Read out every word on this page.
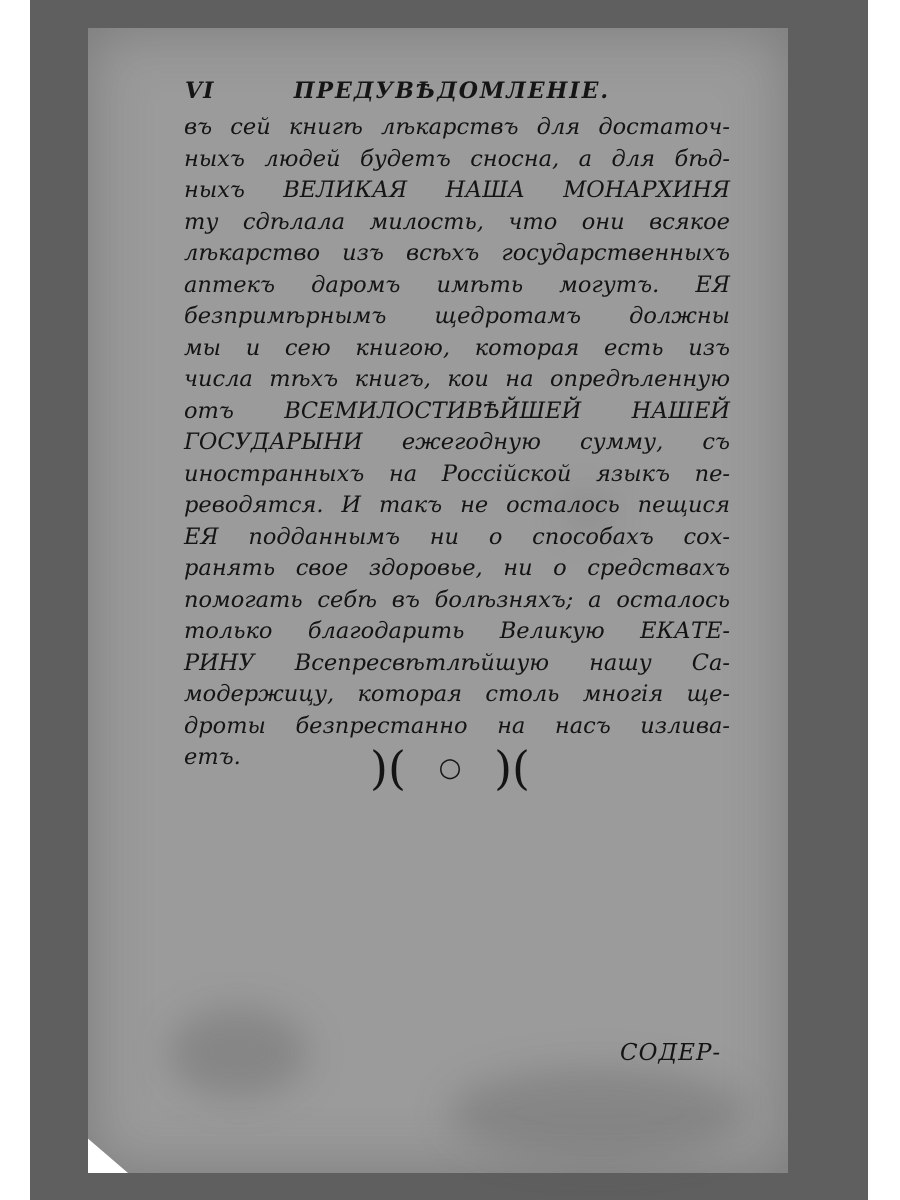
VI	ПРЕДУВѢДОМЛЕНІЕ.
въ сей книгѣ лѣкарствъ для достаточ-
ныхъ людей будетъ сносна, а для бѣд-
ныхъ ВЕЛИКАЯ НАША МОНАРХИНЯ
ту сдѣлала милость, что они всякое
лѣкарство изъ всѣхъ государственныхъ
аптекъ даромъ имѣть могутъ. ЕЯ
безпримѣрнымъ щедротамъ должны
мы и сею книгою, которая есть изъ
числа тѣхъ книгъ, кои на опредѣленную
отъ ВСЕМИЛОСТИВѢЙШЕЙ НАШЕЙ
ГОСУДАРЫНИ ежегодную сумму, съ
иностранныхъ на Россійской языкъ пе-
реводятся. И такъ не осталось пещися
ЕЯ подданнымъ ни о способахъ сох-
ранять свое здоровье, ни о средствахъ
помогать себѣ въ болѣзняхъ; а осталось
только благодарить Великую ЕКАТЕ-
РИНУ Всепресвѣтлѣйшую нашу Са-
модержицу, которая столь многія ще-
дроты безпрестанно на насъ излива-
етъ.	)( ○ )(
СОДЕР-
